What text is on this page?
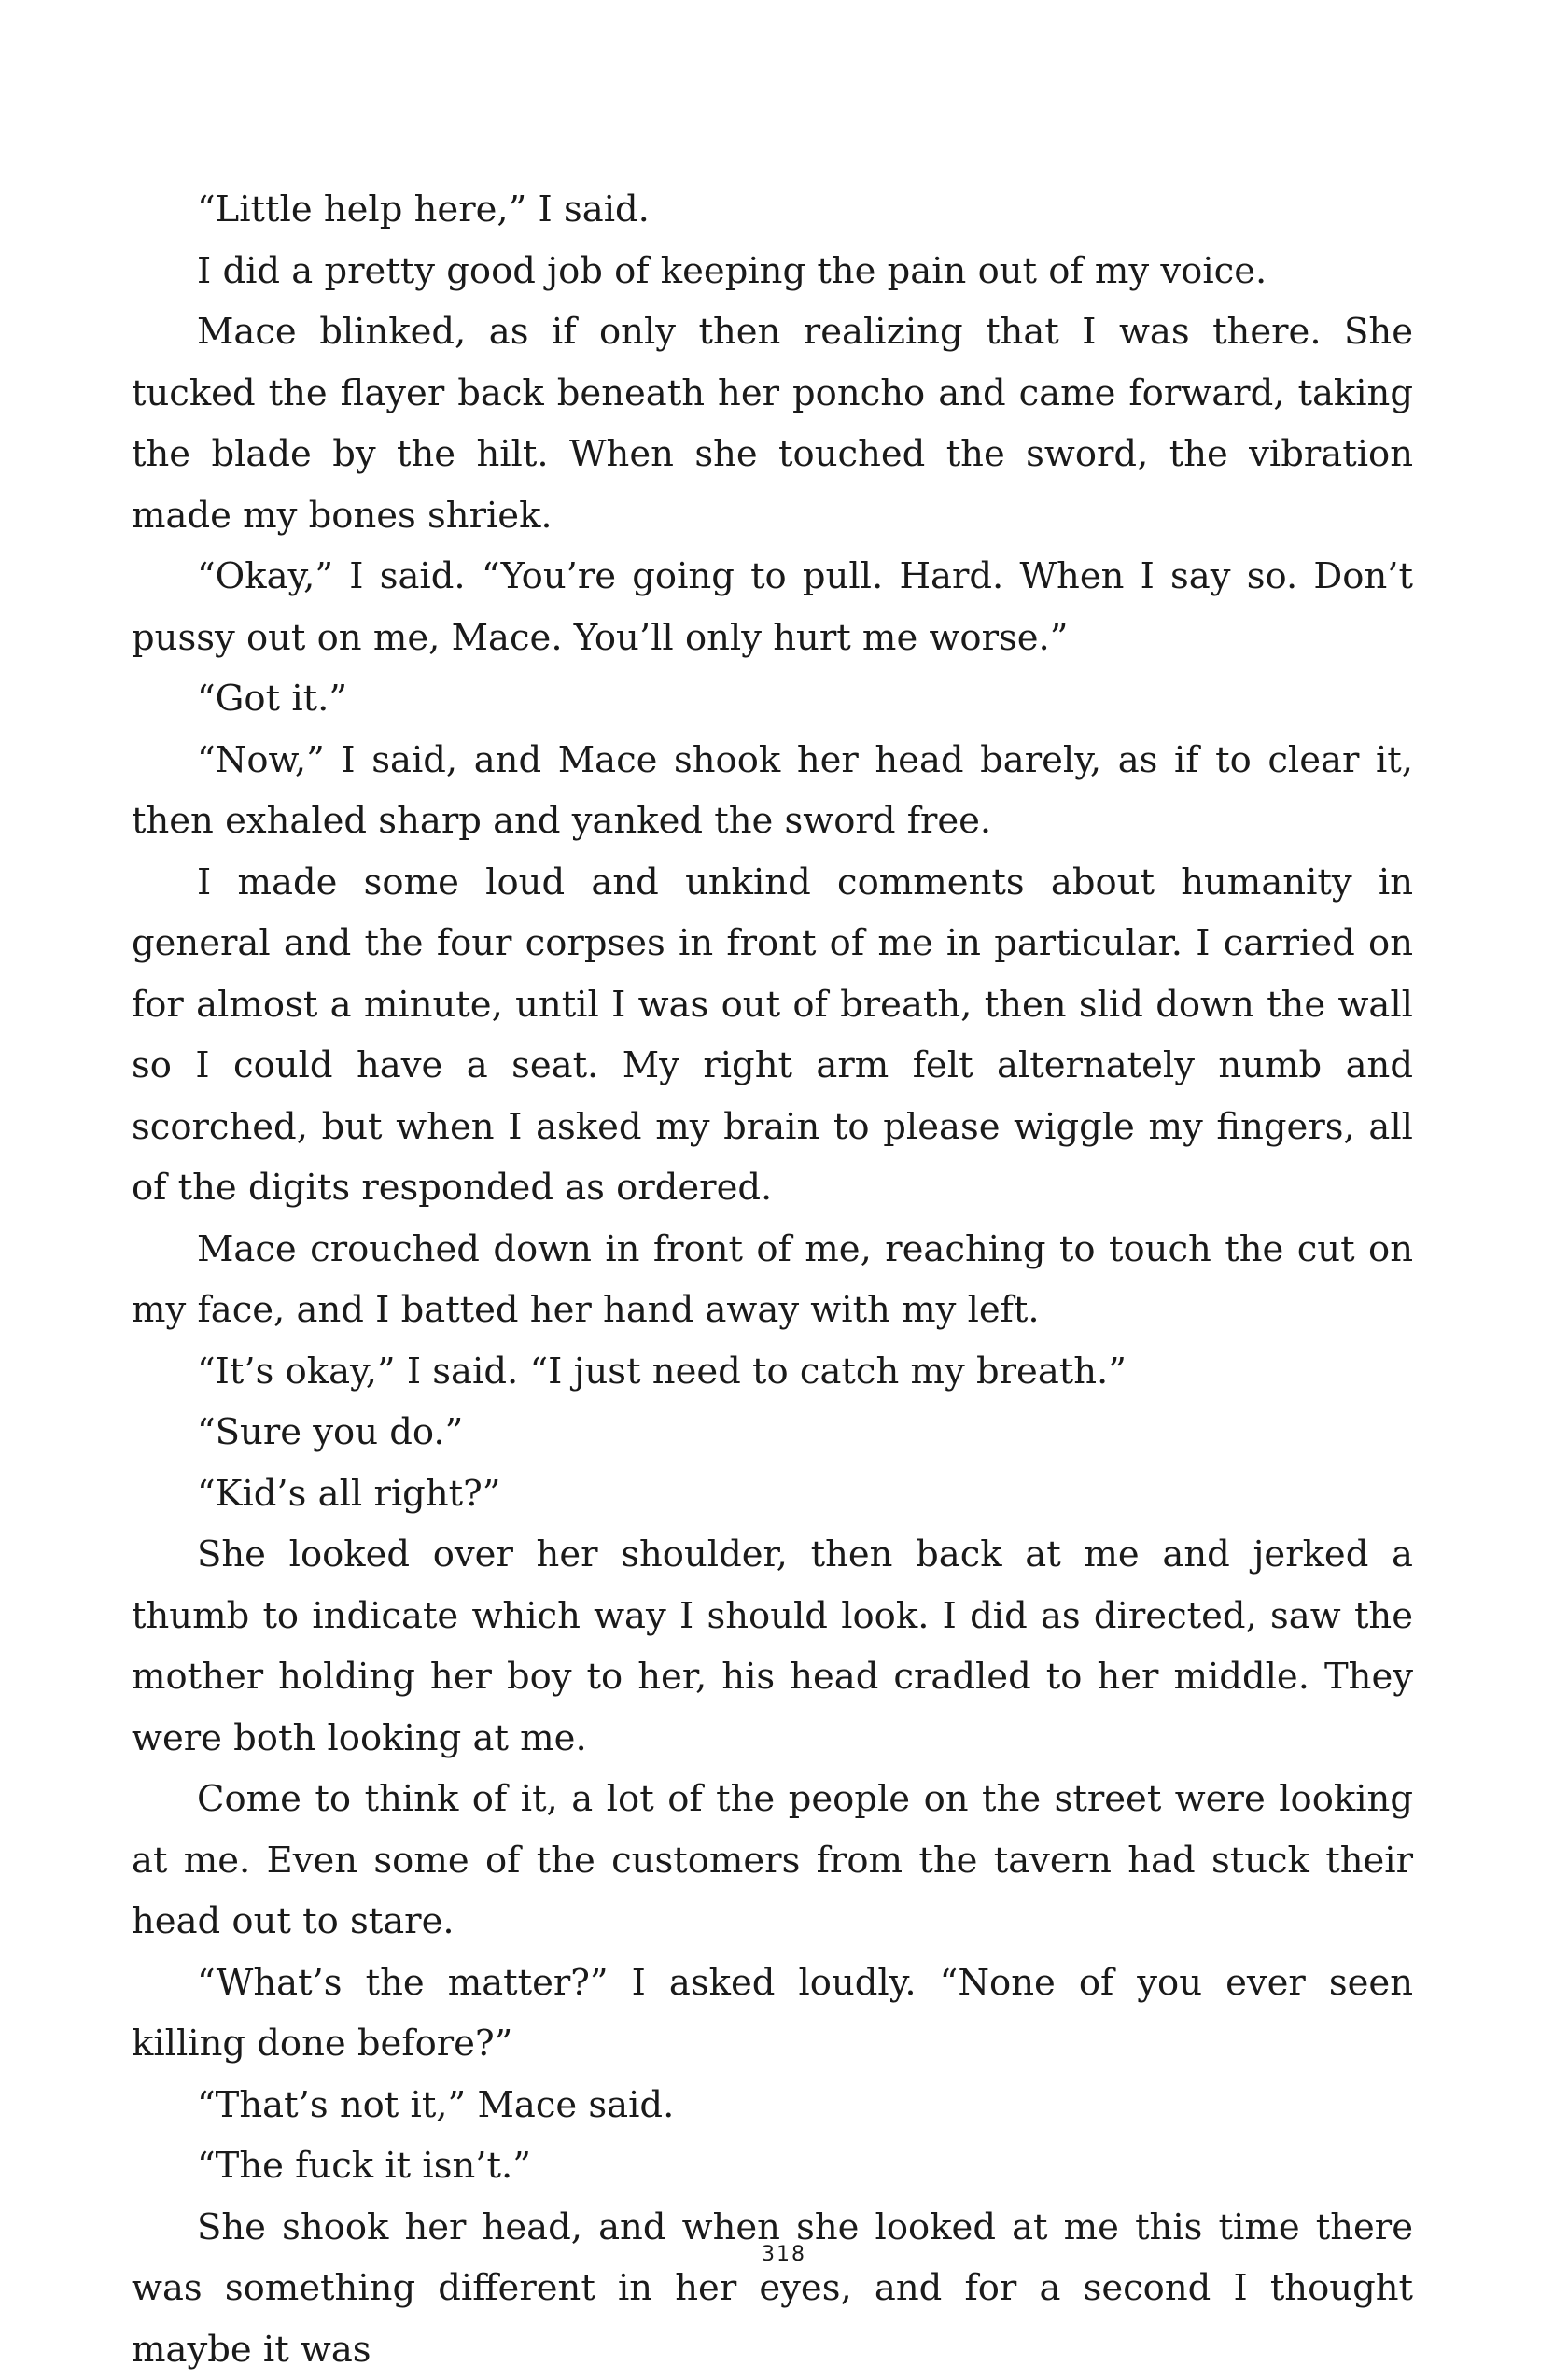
“Little help here,” I said.

I did a pretty good job of keeping the pain out of my voice.

Mace blinked, as if only then realizing that I was there. She tucked the flayer back beneath her poncho and came forward, taking the blade by the hilt. When she touched the sword, the vibration made my bones shriek.

“Okay,” I said. “You’re going to pull. Hard. When I say so. Don’t pussy out on me, Mace. You’ll only hurt me worse.”

“Got it.”

“Now,” I said, and Mace shook her head barely, as if to clear it, then exhaled sharp and yanked the sword free.

I made some loud and unkind comments about humanity in general and the four corpses in front of me in particular. I carried on for almost a minute, until I was out of breath, then slid down the wall so I could have a seat. My right arm felt alternately numb and scorched, but when I asked my brain to please wiggle my fingers, all of the digits responded as ordered.

Mace crouched down in front of me, reaching to touch the cut on my face, and I batted her hand away with my left.

“It’s okay,” I said. “I just need to catch my breath.”

“Sure you do.”

“Kid’s all right?”

She looked over her shoulder, then back at me and jerked a thumb to indicate which way I should look. I did as directed, saw the mother holding her boy to her, his head cradled to her middle. They were both looking at me.

Come to think of it, a lot of the people on the street were looking at me. Even some of the customers from the tavern had stuck their head out to stare.

“What’s the matter?” I asked loudly. “None of you ever seen killing done before?”

“That’s not it,” Mace said.

“The fuck it isn’t.”

She shook her head, and when she looked at me this time there was something different in her eyes, and for a second I thought maybe it was

318
